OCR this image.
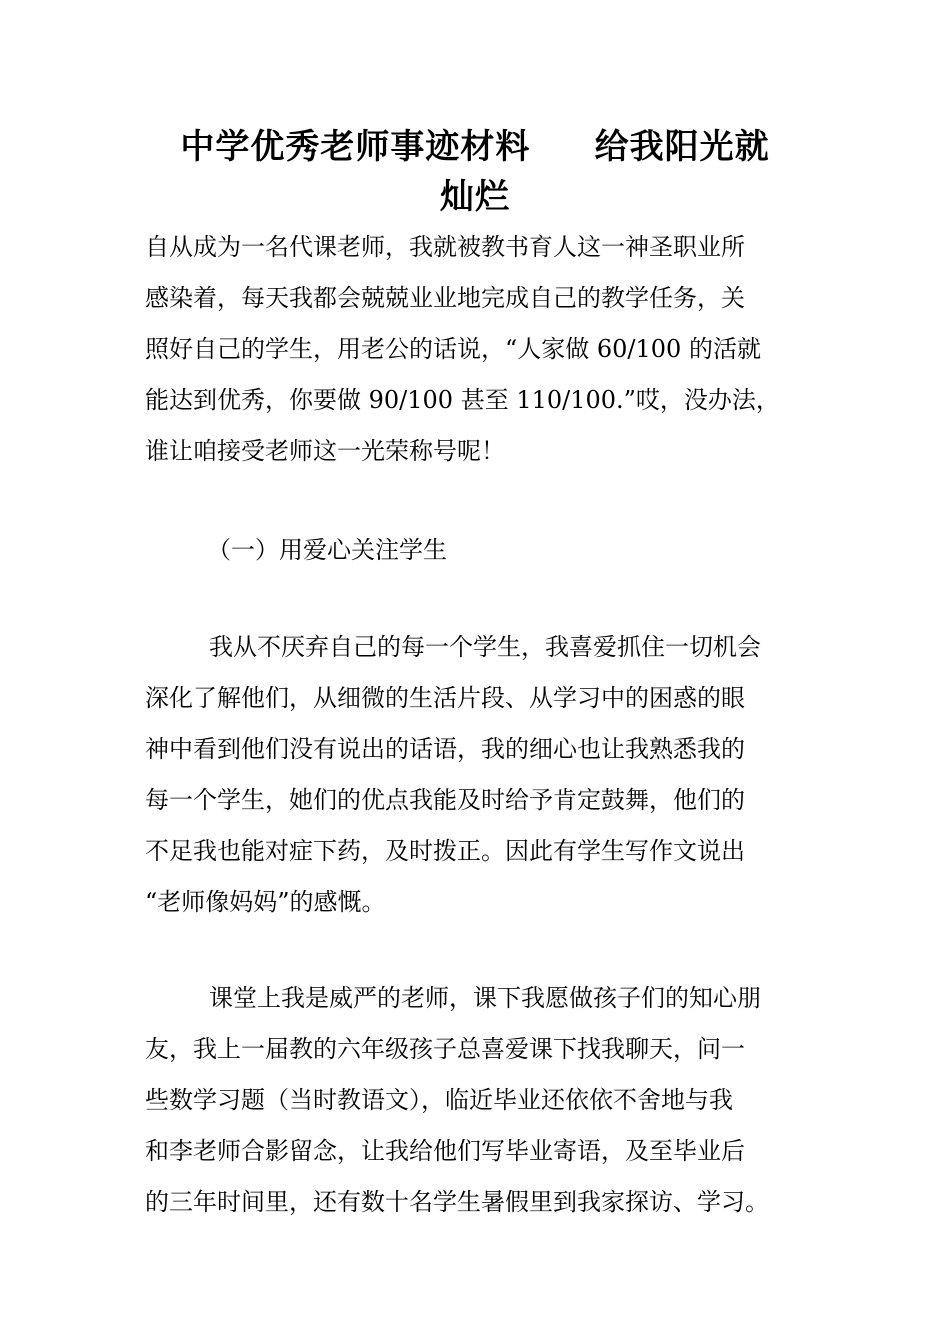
中学优秀老师事迹材料     给我阳光就
灿烂
自从成为一名代课老师，我就被教书育人这一神圣职业所
感染着，每天我都会兢兢业业地完成自己的教学任务，关
照好自己的学生，用老公的话说，“人家做 60/100 的活就
能达到优秀，你要做 90/100 甚至 110/100.”哎，没办法，
谁让咱接受老师这一光荣称号呢！
（一）用爱心关注学生
我从不厌弃自己的每一个学生，我喜爱抓住一切机会
深化了解他们，从细微的生活片段、从学习中的困惑的眼
神中看到他们没有说出的话语，我的细心也让我熟悉我的
每一个学生，她们的优点我能及时给予肯定鼓舞，他们的
不足我也能对症下药，及时拨正。因此有学生写作文说出
“老师像妈妈”的感慨。
课堂上我是威严的老师，课下我愿做孩子们的知心朋
友，我上一届教的六年级孩子总喜爱课下找我聊天，问一
些数学习题（当时教语文），临近毕业还依依不舍地与我
和李老师合影留念，让我给他们写毕业寄语，及至毕业后
的三年时间里，还有数十名学生暑假里到我家探访、学习。
